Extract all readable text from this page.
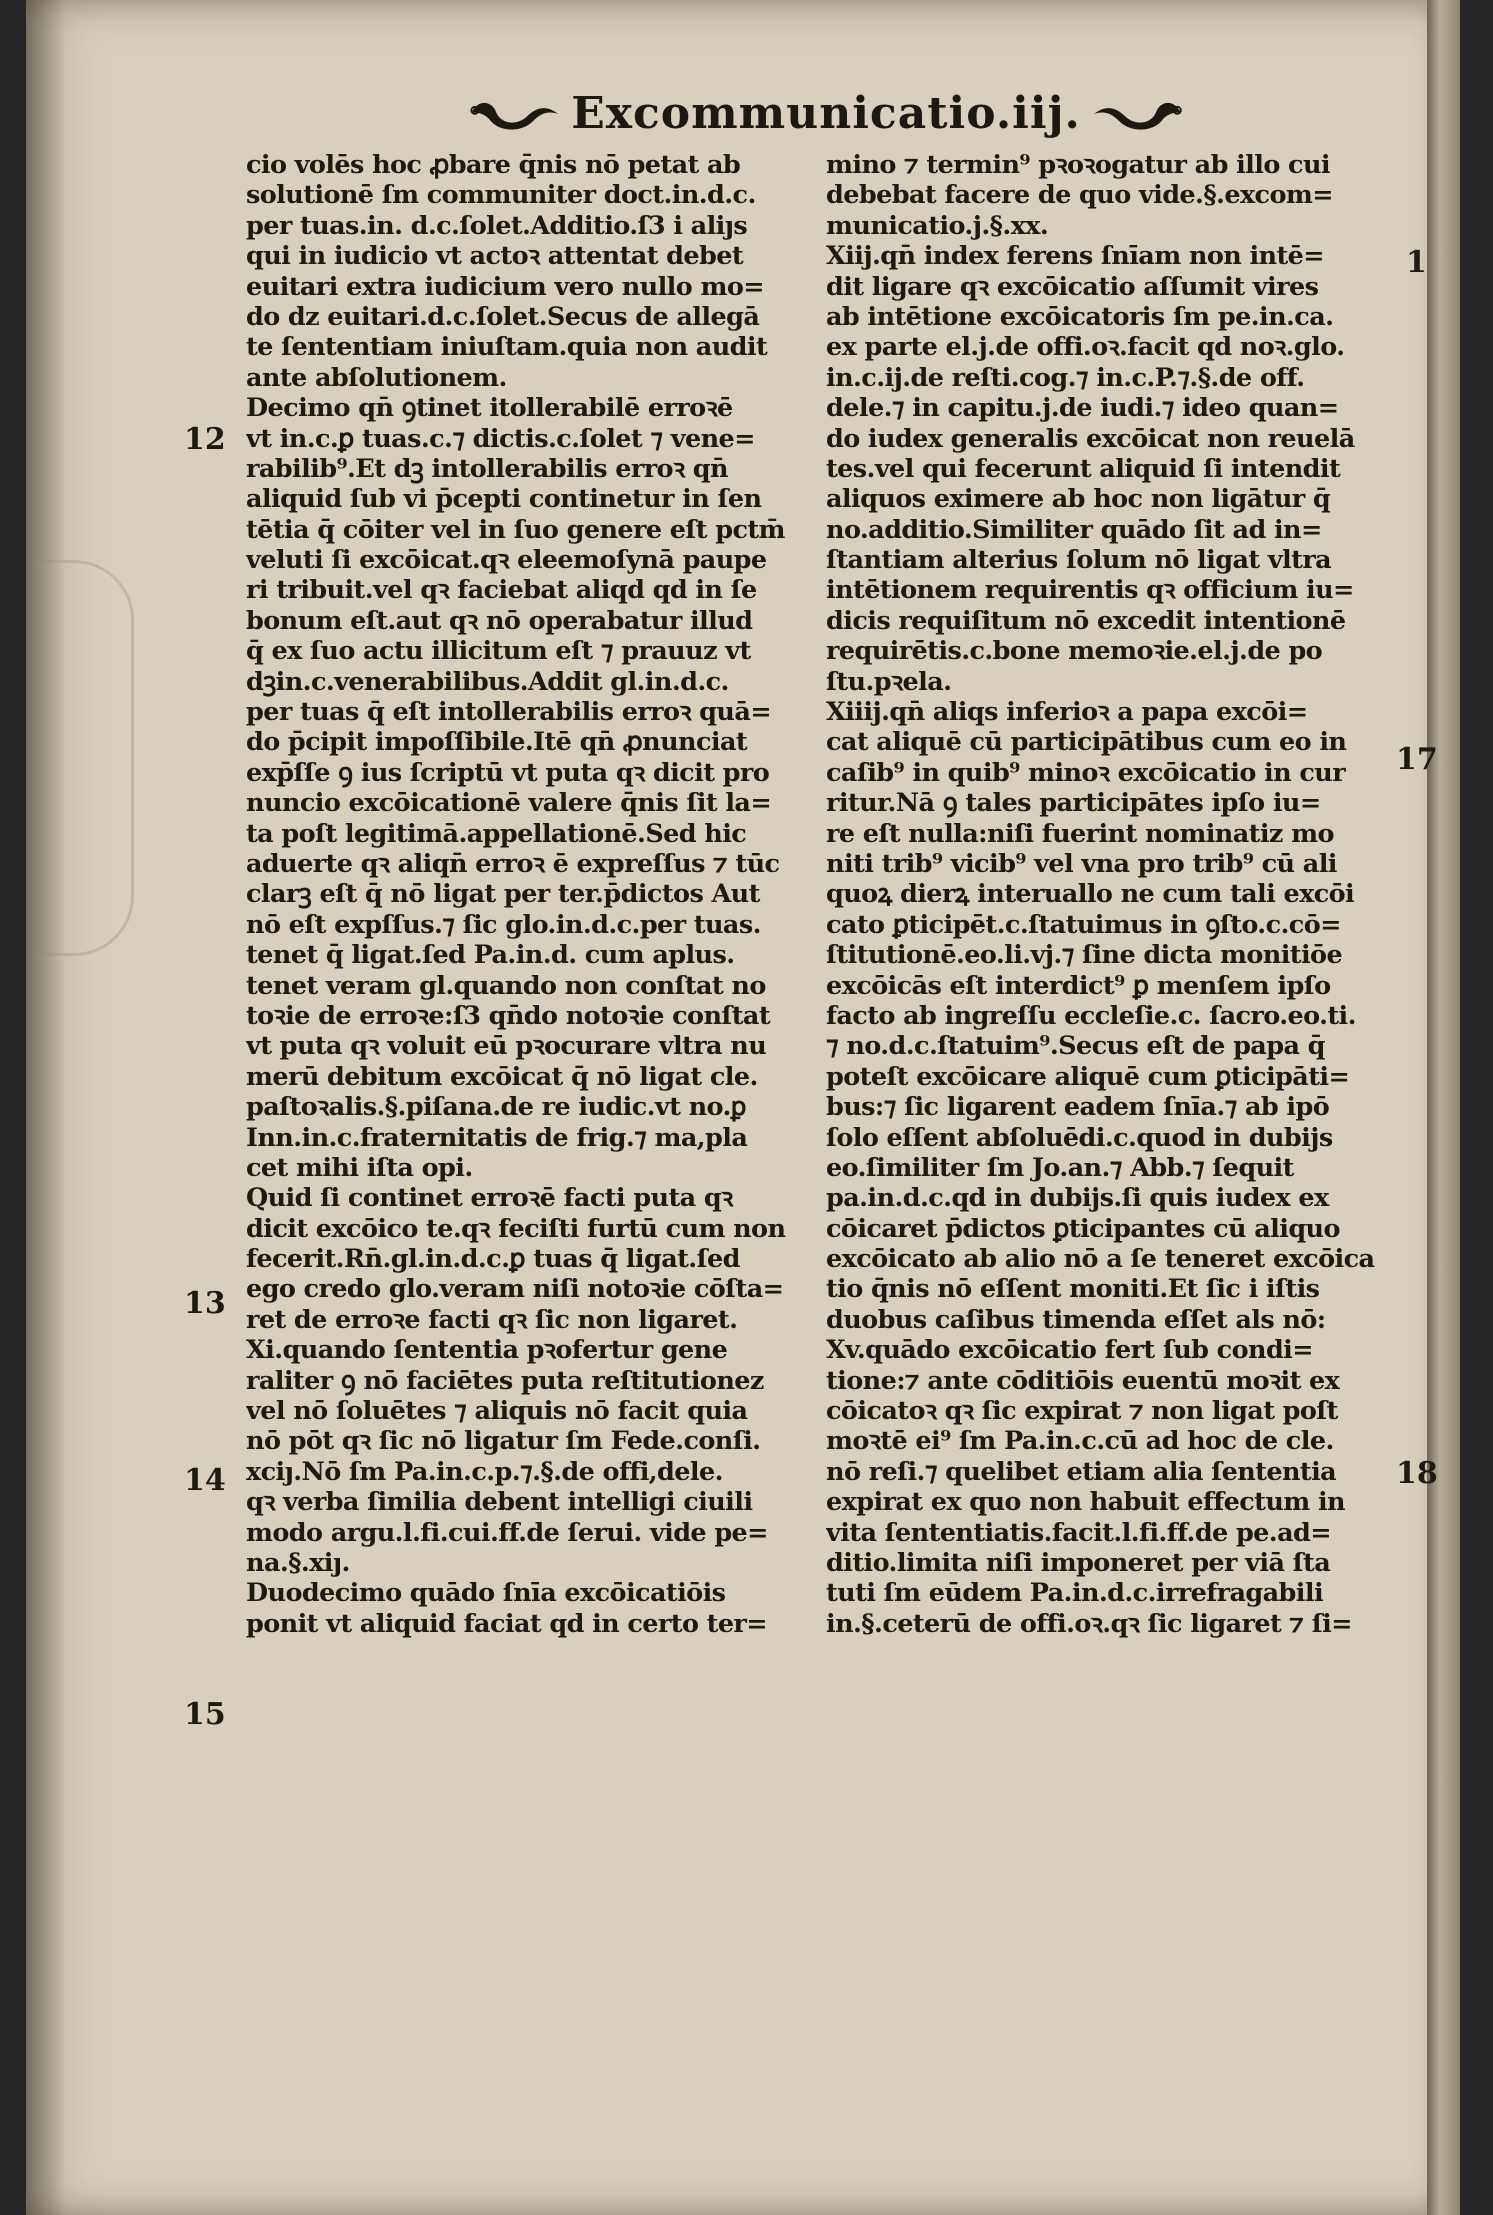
Excommunicatio.iij.
cio volēs hoc ꝓbare q̄nis nō petat ab
solutionē ſm communiter doct.in.d.c.
per tuas.in. d.c.ſolet.Additio.ſ3 i aliȷs
qui in iudicio vt actoꝛ attentat debet
euitari extra iudicium vero nullo mo=
do dz euitari.d.c.ſolet.Secus de allegā
te ſententiam iniuſtam.quia non audit
ante abſolutionem.
Decimo qn̄ ꝯtinet itollerabilē erroꝛē
vt in.c.ꝑ tuas.c.⁊ dictis.c.ſolet ⁊ vene=
rabilib⁹.Et dꝫ intollerabilis erroꝛ qn̄
aliquid ſub vi p̄cepti continetur in ſen
tētia q̄ cōiter vel in ſuo genere eſt pctm̄
veluti ſi excōicat.qꝛ eleemoſynā paupe
ri tribuit.vel qꝛ faciebat aliqd qd in ſe
bonum eſt.aut qꝛ nō operabatur illud
q̄ ex ſuo actu illicitum eſt ⁊ prauuz vt
dꝫin.c.venerabilibus.Addit gl.in.d.c.
per tuas q̄ eſt intollerabilis erroꝛ quā=
do p̄cipit impoſſibile.Itē qn̄ ꝓnunciat
exp̄ſſe ꝯ ius ſcriptū vt puta qꝛ dicit pro
nuncio excōicationē valere q̄nis ſit la=
ta poſt legitimā.appellationē.Sed hic
aduerte qꝛ aliqn̄ erroꝛ ē expreſſus ⁊ tūc
clarꝫ eſt q̄ nō ligat per ter.p̄dictos Aut
nō eſt expſſus.⁊ ſic glo.in.d.c.per tuas.
tenet q̄ ligat.ſed Pa.in.d. cum aplus.
tenet veram gl.quando non conſtat no
toꝛie de erroꝛe:ſ3 qn̄do notoꝛie conſtat
vt puta qꝛ voluit eū pꝛocurare vltra nu
merū debitum excōicat q̄ nō ligat cle.
paſtoꝛalis.§.piſana.de re iudic.vt no.ꝑ
Inn.in.c.fraternitatis de frig.⁊ ma,pla
cet mihi iſta opi.
Quid ſi continet erroꝛē facti puta qꝛ
dicit excōico te.qꝛ feciſti furtū cum non
fecerit.Rn̄.gl.in.d.c.ꝑ tuas q̄ ligat.ſed
ego credo glo.veram niſi notoꝛie cōſta=
ret de erroꝛe facti qꝛ ſic non ligaret.
Xi.quando ſententia pꝛofertur gene
raliter ꝯ nō faciētes puta reſtitutionez
vel nō ſoluētes ⁊ aliquis nō facit quia
nō pōt qꝛ ſic nō ligatur ſm Fede.conſi.
xciȷ.Nō ſm Pa.in.c.p.⁊.§.de offi,dele.
qꝛ verba ſimilia debent intelligi ciuili
modo argu.l.fi.cui.ff.de ſerui. vide pe=
na.§.xiȷ.
Duodecimo quādo ſnīa excōicatiōis
ponit vt aliquid faciat qd in certo ter=
mino ⁊ termin⁹ pꝛoꝛogatur ab illo cui
debebat facere de quo vide.§.excom=
municatio.j.§.xx.
Xiij.qn̄ index ferens ſnīam non intē=
dit ligare qꝛ excōicatio aſſumit vires
ab intētione excōicatoris ſm pe.in.ca.
ex parte el.j.de offi.oꝛ.facit qd noꝛ.glo.
in.c.ij.de reſti.cog.⁊ in.c.P.⁊.§.de off.
dele.⁊ in capitu.j.de iudi.⁊ ideo quan=
do iudex generalis excōicat non reuelā
tes.vel qui fecerunt aliquid ſi intendit
aliquos eximere ab hoc non ligātur q̄
no.additio.Similiter quādo ſit ad in=
ſtantiam alterius ſolum nō ligat vltra
intētionem requirentis qꝛ officium iu=
dicis requiſitum nō excedit intentionē
requirētis.c.bone memoꝛie.el.j.de po
ſtu.pꝛela.
Xiiij.qn̄ aliqs inferioꝛ a papa excōi=
cat aliquē cū participātibus cum eo in
caſib⁹ in quib⁹ minoꝛ excōicatio in cur
ritur.Nā ꝯ tales participātes ipſo iu=
re eſt nulla:niſi fuerint nominatiz mo
niti trib⁹ vicib⁹ vel vna pro trib⁹ cū ali
quoꝝ dierꝝ interuallo ne cum tali excōi
cato ꝑticipēt.c.ſtatuimus in ꝯſto.c.cō=
ſtitutionē.eo.li.vj.⁊ ſine dicta monitiōe
excōicās eſt interdict⁹ ꝑ menſem ipſo
facto ab ingreſſu eccleſie.c. ſacro.eo.ti.
⁊ no.d.c.ſtatuim⁹.Secus eſt de papa q̄
poteſt excōicare aliquē cum ꝑticipāti=
bus:⁊ ſic ligarent eadem ſnīa.⁊ ab ipō
ſolo eſſent abſoluēdi.c.quod in dubijs
eo.ſimiliter ſm Jo.an.⁊ Abb.⁊ ſequit
pa.in.d.c.qd in dubijs.ſi quis iudex ex
cōicaret p̄dictos ꝑticipantes cū aliquo
excōicato ab alio nō a ſe teneret excōica
tio q̄nis nō eſſent moniti.Et ſic i iſtis
duobus caſibus timenda eſſet als nō:
Xv.quādo excōicatio fert ſub condi=
tione:⁊ ante cōditiōis euentū moꝛit ex
cōicatoꝛ qꝛ ſic expirat ⁊ non ligat poſt
moꝛtē ei⁹ ſm Pa.in.c.cū ad hoc de cle.
nō reſi.⁊ quelibet etiam alia ſententia
expirat ex quo non habuit effectum in
vita ſententiatis.facit.l.fi.ff.de pe.ad=
ditio.limita niſi imponeret per viā ſta
tuti ſm eūdem Pa.in.d.c.irrefragabili
in.§.ceterū de offi.oꝛ.qꝛ ſic ligaret ⁊ ſi=
12
13
14
15
1
17
18
